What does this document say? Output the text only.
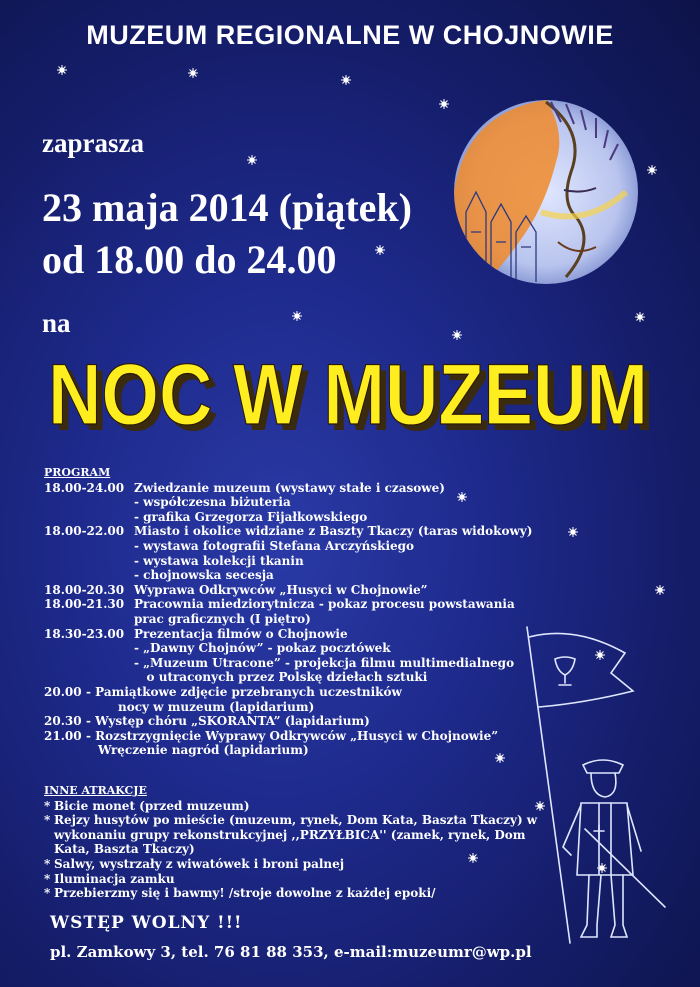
MUZEUM REGIONALNE W CHOJNOWIE
zaprasza
23 maja 2014 (piątek)
od 18.00 do 24.00
na
NOC W MUZEUM
NOC W MUZEUM
PROGRAM
18.00-24.00 Zwiedzanie muzeum (wystawy stałe i czasowe)
- współczesna biżuteria
- grafika Grzegorza Fijałkowskiego
18.00-22.00 Miasto i okolice widziane z Baszty Tkaczy (taras widokowy)
- wystawa fotografii Stefana Arczyńskiego
- wystawa kolekcji tkanin
- chojnowska secesja
18.00-20.30 Wyprawa Odkrywców „Husyci w Chojnowie”
18.00-21.30 Pracownia miedziorytnicza - pokaz procesu powstawania
prac graficznych (I piętro)
18.30-23.00 Prezentacja filmów o Chojnowie
- „Dawny Chojnów” - pokaz pocztówek
- „Muzeum Utracone” - projekcja filmu multimedialnego
o utraconych przez Polskę dziełach sztuki
20.00 - Pamiątkowe zdjęcie przebranych uczestników
nocy w muzeum (lapidarium)
20.30 - Występ chóru „SKORANTA” (lapidarium)
21.00 - Rozstrzygnięcie Wyprawy Odkrywców „Husyci w Chojnowie”
Wręczenie nagród (lapidarium)
INNE ATRAKCJE
* Bicie monet (przed muzeum)
* Rejzy husytów po mieście (muzeum, rynek, Dom Kata, Baszta Tkaczy) w wykonaniu grupy rekonstrukcyjnej ,,PRZYŁBICA'' (zamek, rynek, Dom Kata, Baszta Tkaczy)
* Salwy, wystrzały z wiwatówek i broni palnej
* Iluminacja zamku
* Przebierzmy się i bawmy! /stroje dowolne z każdej epoki/
WSTĘP WOLNY !!!
pl. Zamkowy 3, tel. 76 81 88 353, e-mail:muzeumr@wp.pl
